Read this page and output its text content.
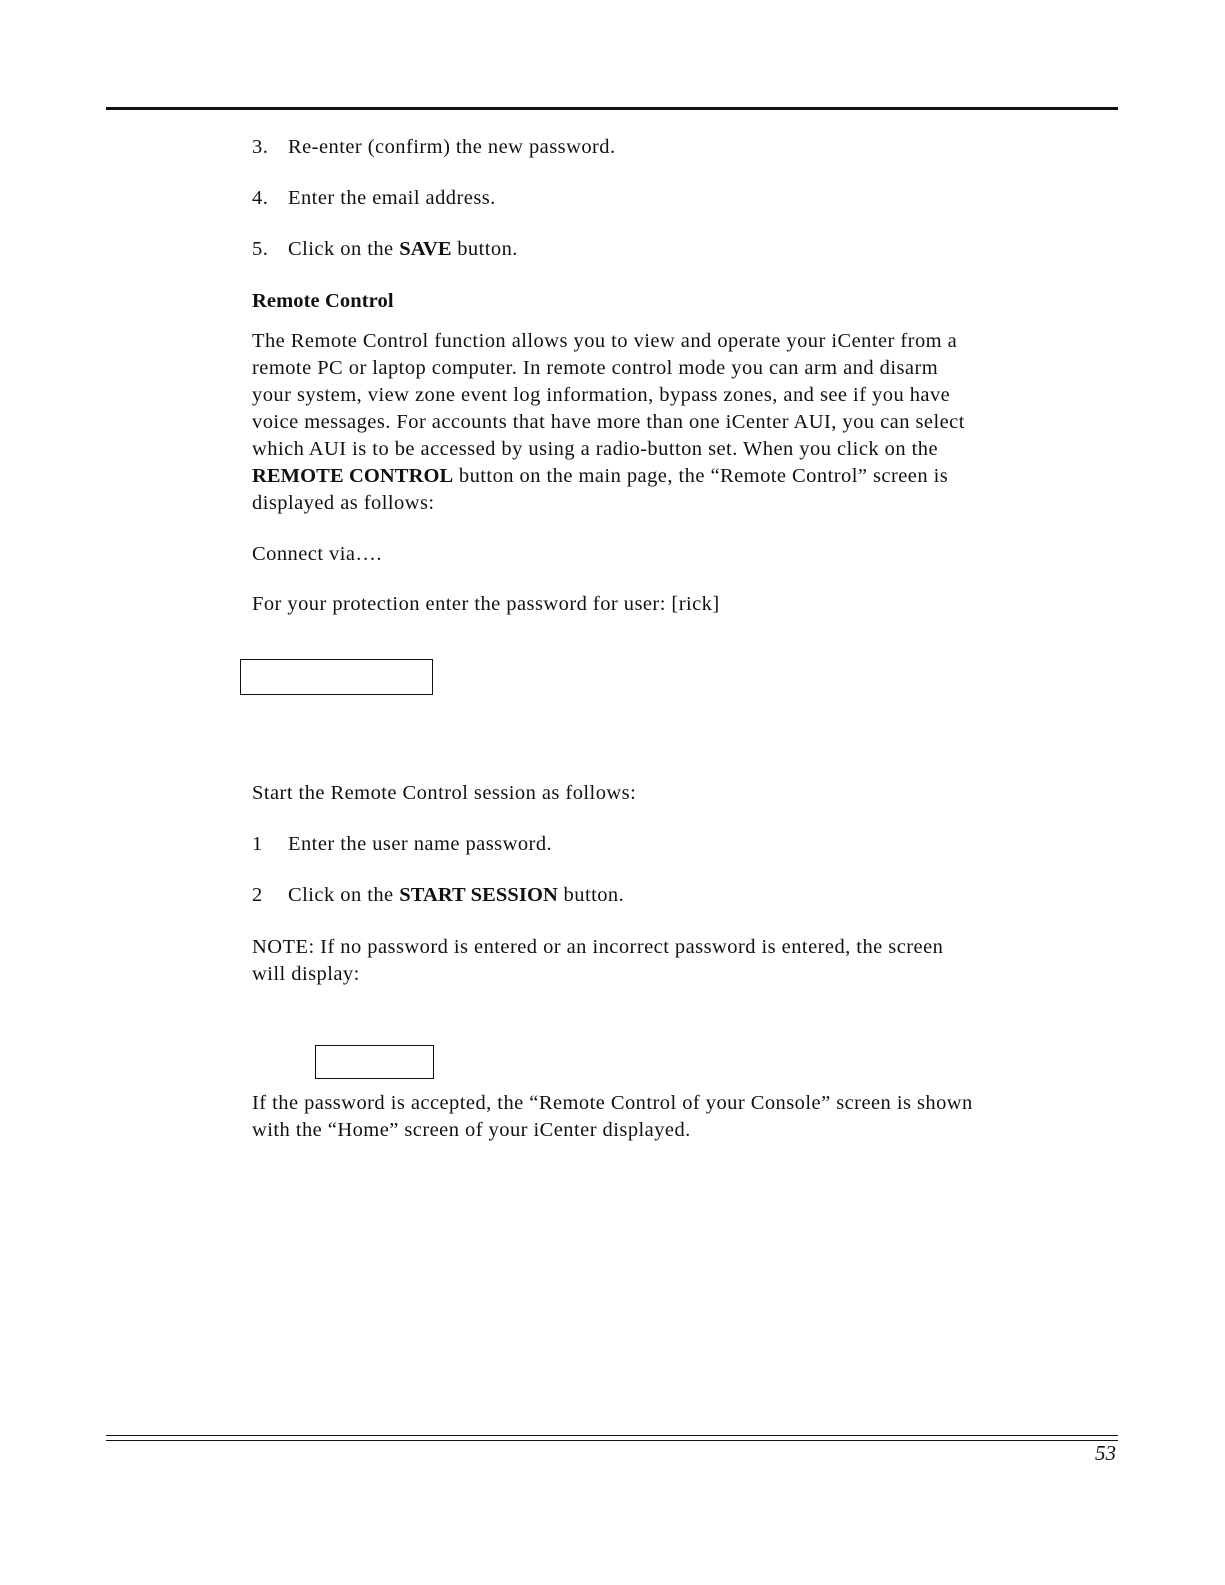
3. Re-enter (confirm) the new password.
4. Enter the email address.
5. Click on the SAVE button.
Remote Control
The Remote Control function allows you to view and operate your iCenter from a
remote PC or laptop computer. In remote control mode you can arm and disarm
your system, view zone event log information, bypass zones, and see if you have
voice messages. For accounts that have more than one iCenter AUI, you can select
which AUI is to be accessed by using a radio-button set. When you click on the
REMOTE CONTROL button on the main page, the “Remote Control” screen is
displayed as follows:
Connect via….
For your protection enter the password for user: [rick]
Start the Remote Control session as follows:
1 Enter the user name password.
2 Click on the START SESSION button.
NOTE: If no password is entered or an incorrect password is entered, the screen
will display:
If the password is accepted, the “Remote Control of your Console” screen is shown
with the “Home” screen of your iCenter displayed.
53
